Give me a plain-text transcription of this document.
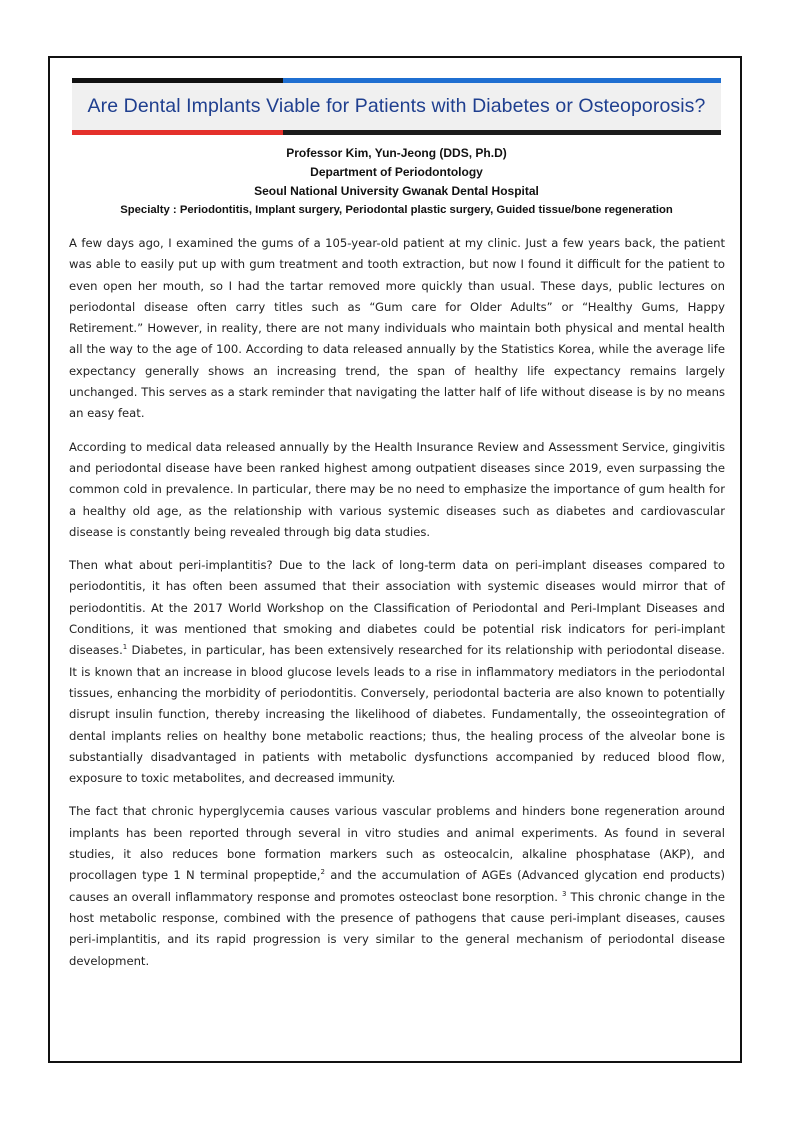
Are Dental Implants Viable for Patients with Diabetes or Osteoporosis?
Professor Kim, Yun-Jeong (DDS, Ph.D)
Department of Periodontology
Seoul National University Gwanak Dental Hospital
Specialty : Periodontitis, Implant surgery, Periodontal plastic surgery, Guided tissue/bone regeneration

A few days ago, I examined the gums of a 105-year-old patient at my clinic. Just a few years back, the patient was able to easily put up with gum treatment and tooth extraction, but now I found it difficult for the patient to even open her mouth, so I had the tartar removed more quickly than usual. These days, public lectures on periodontal disease often carry titles such as “Gum care for Older Adults” or “Healthy Gums, Happy Retirement.” However, in reality, there are not many individuals who maintain both physical and mental health all the way to the age of 100. According to data released annually by the Statistics Korea, while the average life expectancy generally shows an increasing trend, the span of healthy life expectancy remains largely unchanged. This serves as a stark reminder that navigating the latter half of life without disease is by no means an easy feat.

According to medical data released annually by the Health Insurance Review and Assessment Service, gingivitis and periodontal disease have been ranked highest among outpatient diseases since 2019, even surpassing the common cold in prevalence. In particular, there may be no need to emphasize the importance of gum health for a healthy old age, as the relationship with various systemic diseases such as diabetes and cardiovascular disease is constantly being revealed through big data studies.

Then what about peri-implantitis? Due to the lack of long-term data on peri-implant diseases compared to periodontitis, it has often been assumed that their association with systemic diseases would mirror that of periodontitis. At the 2017 World Workshop on the Classification of Periodontal and Peri-Implant Diseases and Conditions, it was mentioned that smoking and diabetes could be potential risk indicators for peri-implant diseases.$^1$ Diabetes, in particular, has been extensively researched for its relationship with periodontal disease. It is known that an increase in blood glucose levels leads to a rise in inflammatory mediators in the periodontal tissues, enhancing the morbidity of periodontitis. Conversely, periodontal bacteria are also known to potentially disrupt insulin function, thereby increasing the likelihood of diabetes. Fundamentally, the osseointegration of dental implants relies on healthy bone metabolic reactions; thus, the healing process of the alveolar bone is substantially disadvantaged in patients with metabolic dysfunctions accompanied by reduced blood flow, exposure to toxic metabolites, and decreased immunity.

The fact that chronic hyperglycemia causes various vascular problems and hinders bone regeneration around implants has been reported through several in vitro studies and animal experiments. As found in several studies, it also reduces bone formation markers such as osteocalcin, alkaline phosphatase (AKP), and procollagen type 1 N terminal propeptide,$^2$ and the accumulation of AGEs (Advanced glycation end products) causes an overall inflammatory response and promotes osteoclast bone resorption. $^3$ This chronic change in the host metabolic response, combined with the presence of pathogens that cause peri-implant diseases, causes peri-implantitis, and its rapid progression is very similar to the general mechanism of periodontal disease development.
